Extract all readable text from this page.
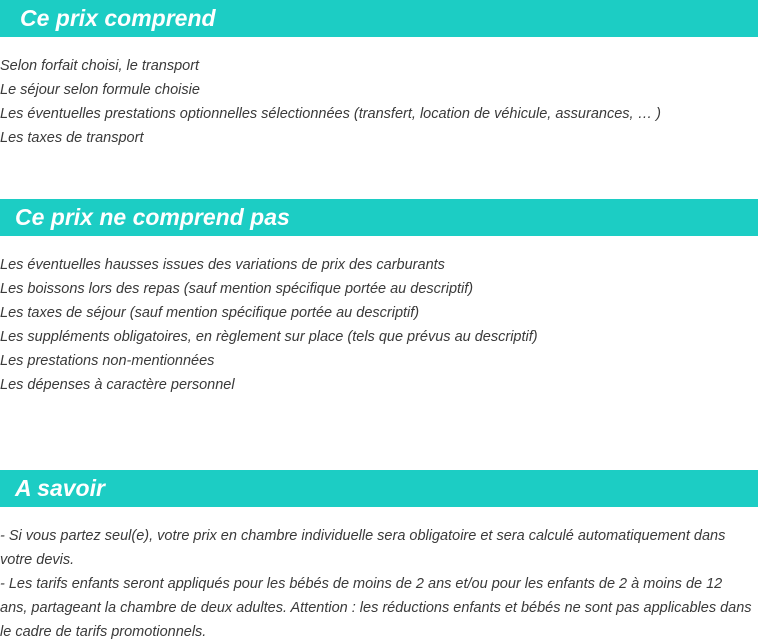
Ce prix comprend
Selon forfait choisi, le transport
Le séjour selon formule choisie
Les éventuelles prestations optionnelles sélectionnées (transfert, location de véhicule, assurances, … )
Les taxes de transport
Ce prix ne comprend pas
Les éventuelles hausses issues des variations de prix des carburants
Les boissons lors des repas (sauf mention spécifique portée au descriptif)
Les taxes de séjour (sauf mention spécifique portée au descriptif)
Les suppléments obligatoires, en règlement sur place (tels que prévus au descriptif)
Les prestations non-mentionnées
Les dépenses à caractère personnel
A savoir

- Si vous partez seul(e), votre prix en chambre individuelle sera obligatoire et sera calculé automatiquement dans votre devis.

- Les tarifs enfants seront appliqués pour les bébés de moins de 2 ans et/ou pour les enfants de 2 à moins de 12 ans, partageant la chambre de deux adultes. Attention : les réductions enfants et bébés ne sont pas applicables dans le cadre de tarifs promotionnels.
